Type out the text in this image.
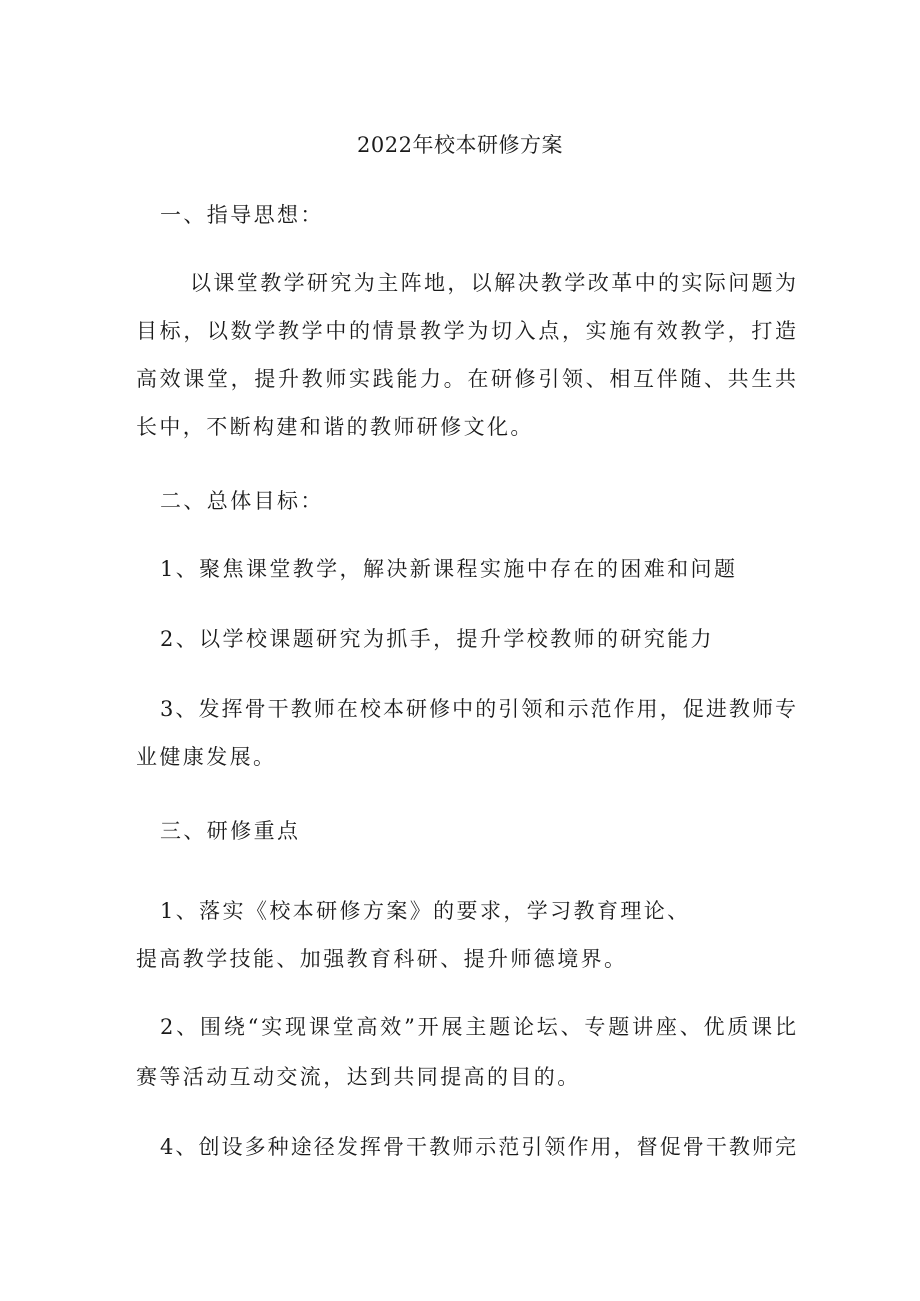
2022年校本研修方案

一、指导思想：

以课堂教学研究为主阵地，以解决教学改革中的实际问题为

目标，以数学教学中的情景教学为切入点，实施有效教学，打造

高效课堂，提升教师实践能力。在研修引领、相互伴随、共生共

长中，不断构建和谐的教师研修文化。

二、总体目标：

1、聚焦课堂教学，解决新课程实施中存在的困难和问题

2、以学校课题研究为抓手，提升学校教师的研究能力

3、发挥骨干教师在校本研修中的引领和示范作用，促进教师专

业健康发展。

三、研修重点

1、落实《校本研修方案》的要求，学习教育理论、

提高教学技能、加强教育科研、提升师德境界。

2、围绕“实现课堂高效”开展主题论坛、专题讲座、优质课比

赛等活动互动交流，达到共同提高的目的。

4、创设多种途径发挥骨干教师示范引领作用，督促骨干教师完
